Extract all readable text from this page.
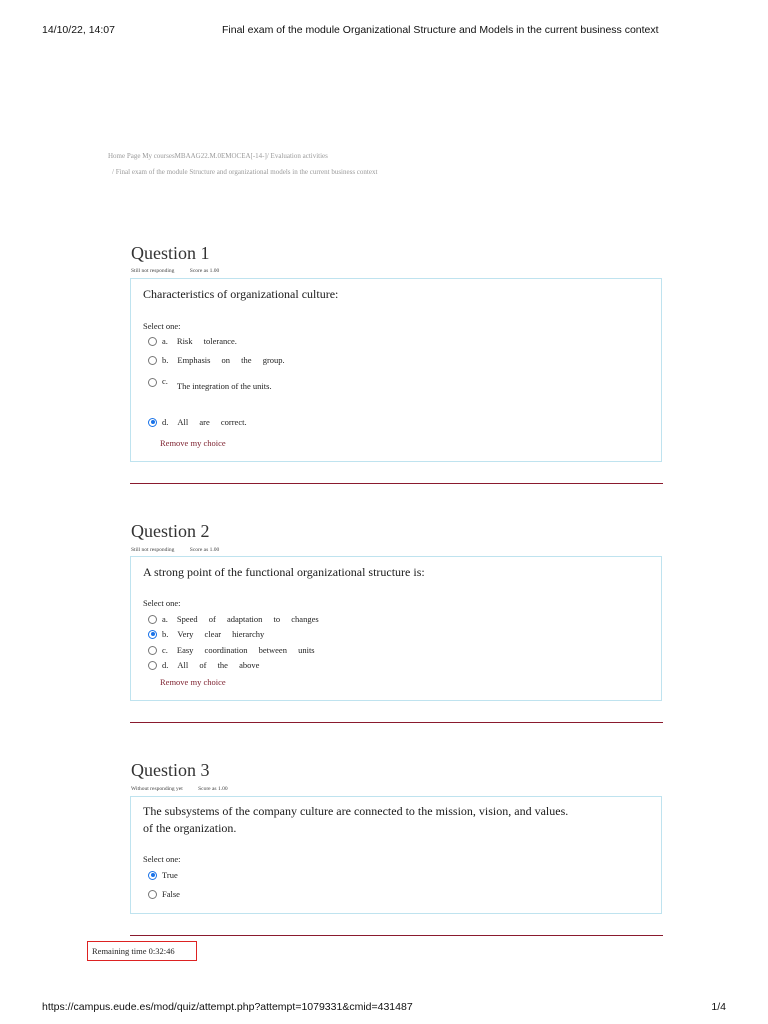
14/10/22, 14:07	Final exam of the module Organizational Structure and Models in the current business context
Home Page My coursesMBAAG22.M.0EMOCEA[-14-]/ Evaluation activities
/ Final exam of the module Structure and organizational models in the current business context
Question 1
Still not responding	Score as 1.00
Characteristics of organizational culture:
Select one:
a. Risk tolerance.
b. Emphasis on the group.
c. The integration of the units.
d. All are correct.
Remove my choice
Question 2
Still not responding	Score as 1.00
A strong point of the functional organizational structure is:
Select one:
a. Speed of adaptation to changes
b. Very clear hierarchy
c. Easy coordination between units
d. All of the above
Remove my choice
Question 3
Without responding yet	Score as 1.00
The subsystems of the company culture are connected to the mission, vision, and values.
of the organization.
Select one:
True
False
Remaining time 0:32:46
https://campus.eude.es/mod/quiz/attempt.php?attempt=1079331&cmid=431487	1/4
